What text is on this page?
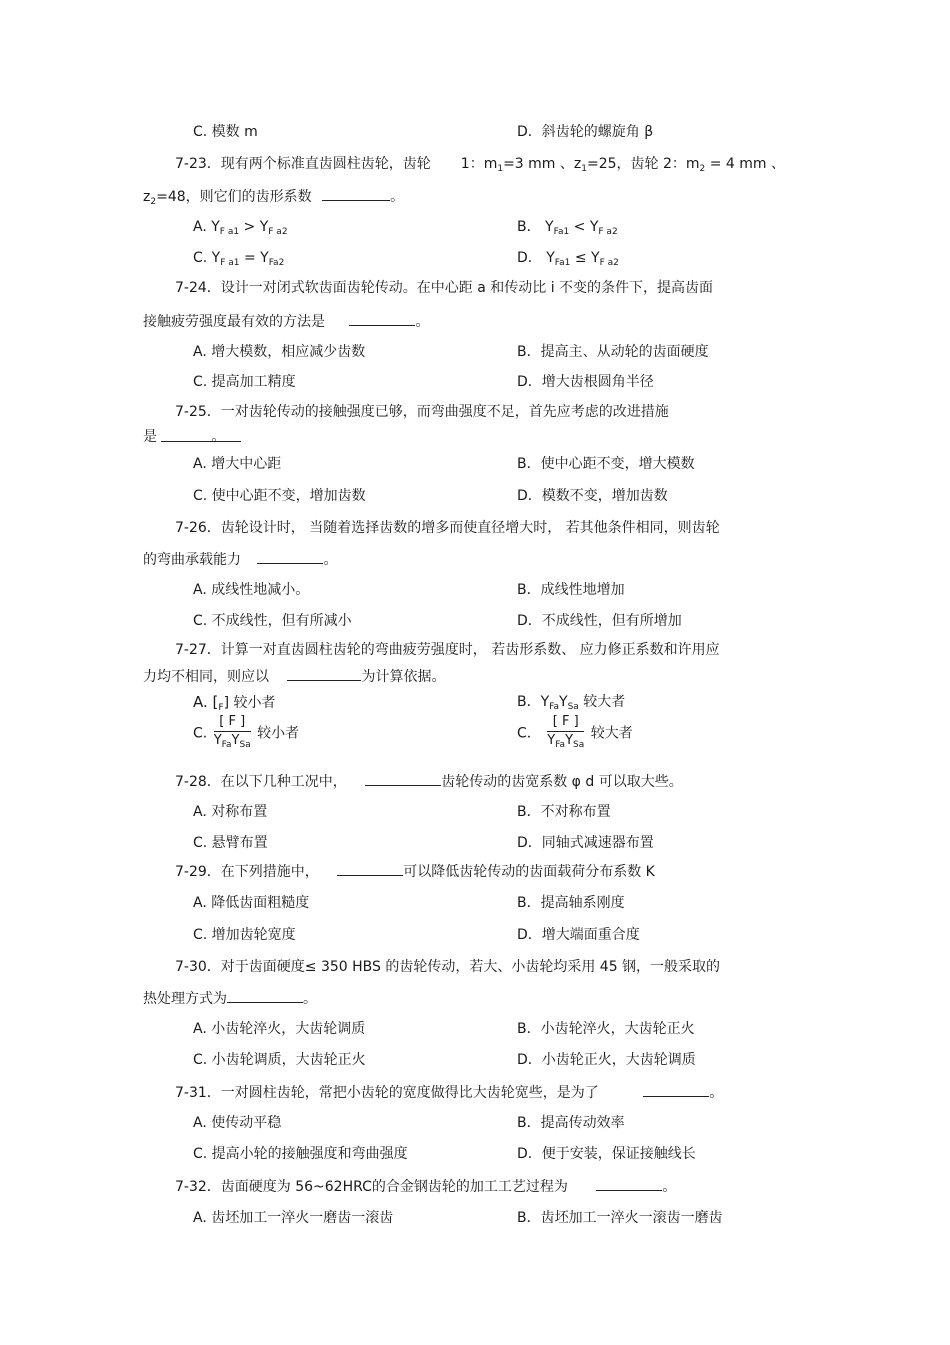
C. 模数 m	D．斜齿轮的螺旋角 β
7-23．现有两个标准直齿圆柱齿轮，齿轮 1：$m_1=3$ mm 、$z_1=25$，齿轮 2：$m_2 = 4$ mm 、
$z_2=48$，则它们的齿形系数	。
A. $Y_{F a1} > Y_{F a2}$	B． $Y_{Fa1} < Y_{F a2}$
C. $Y_{F a1} = Y_{Fa2}$	D． $Y_{Fa1} \le Y_{F a2}$
7-24．设计一对闭式软齿面齿轮传动。在中心距 a 和传动比 i 不变的条件下，提高齿面
接触疲劳强度最有效的方法是	。
A. 增大模数，相应减少齿数	B．提高主、从动轮的齿面硬度
C. 提高加工精度	D．增大齿根圆角半径
7-25．一对齿轮传动的接触强度已够，而弯曲强度不足，首先应考虑的改进措施
是	。
A. 增大中心距	B．使中心距不变，增大模数
C. 使中心距不变，增加齿数	D．模数不变，增加齿数
7-26．齿轮设计时， 当随着选择齿数的增多而使直径增大时， 若其他条件相同，则齿轮
的弯曲承载能力	。
A. 成线性地减小。	B．成线性地增加
C. 不成线性，但有所减小	D．不成线性，但有所增加
7-27．计算一对直齿圆柱齿轮的弯曲疲劳强度时， 若齿形系数、 应力修正系数和许用应
力均不相同，则应以	为计算依据。
A. $[_F]$ 较小者	B．$Y_{Fa}Y_{Sa}$ 较大者
C. $\frac{[ F ]}{Y_{Fa}Y_{Sa}}$ 较小者	C． $\frac{[ F ]}{Y_{Fa}Y_{Sa}}$ 较大者
7-28．在以下几种工况中，	齿轮传动的齿宽系数 φ d 可以取大些。
A. 对称布置	B．不对称布置
C. 悬臂布置	D．同轴式减速器布置
7-29．在下列措施中，	可以降低齿轮传动的齿面载荷分布系数 K
A. 降低齿面粗糙度	B．提高轴系刚度
C. 增加齿轮宽度	D．增大端面重合度
7-30．对于齿面硬度≤ 350 HBS 的齿轮传动，若大、小齿轮均采用 45 钢，一般采取的
热处理方式为	。
A. 小齿轮淬火，大齿轮调质	B．小齿轮淬火，大齿轮正火
C. 小齿轮调质，大齿轮正火	D．小齿轮正火，大齿轮调质
7-31．一对圆柱齿轮，常把小齿轮的宽度做得比大齿轮宽些，是为了	。
A. 使传动平稳	B．提高传动效率
C. 提高小轮的接触强度和弯曲强度	D．便于安装，保证接触线长
7-32．齿面硬度为 56~62HRC的合金钢齿轮的加工工艺过程为	。
A. 齿坯加工一淬火一磨齿一滚齿	B．齿坯加工一淬火一滚齿一磨齿
